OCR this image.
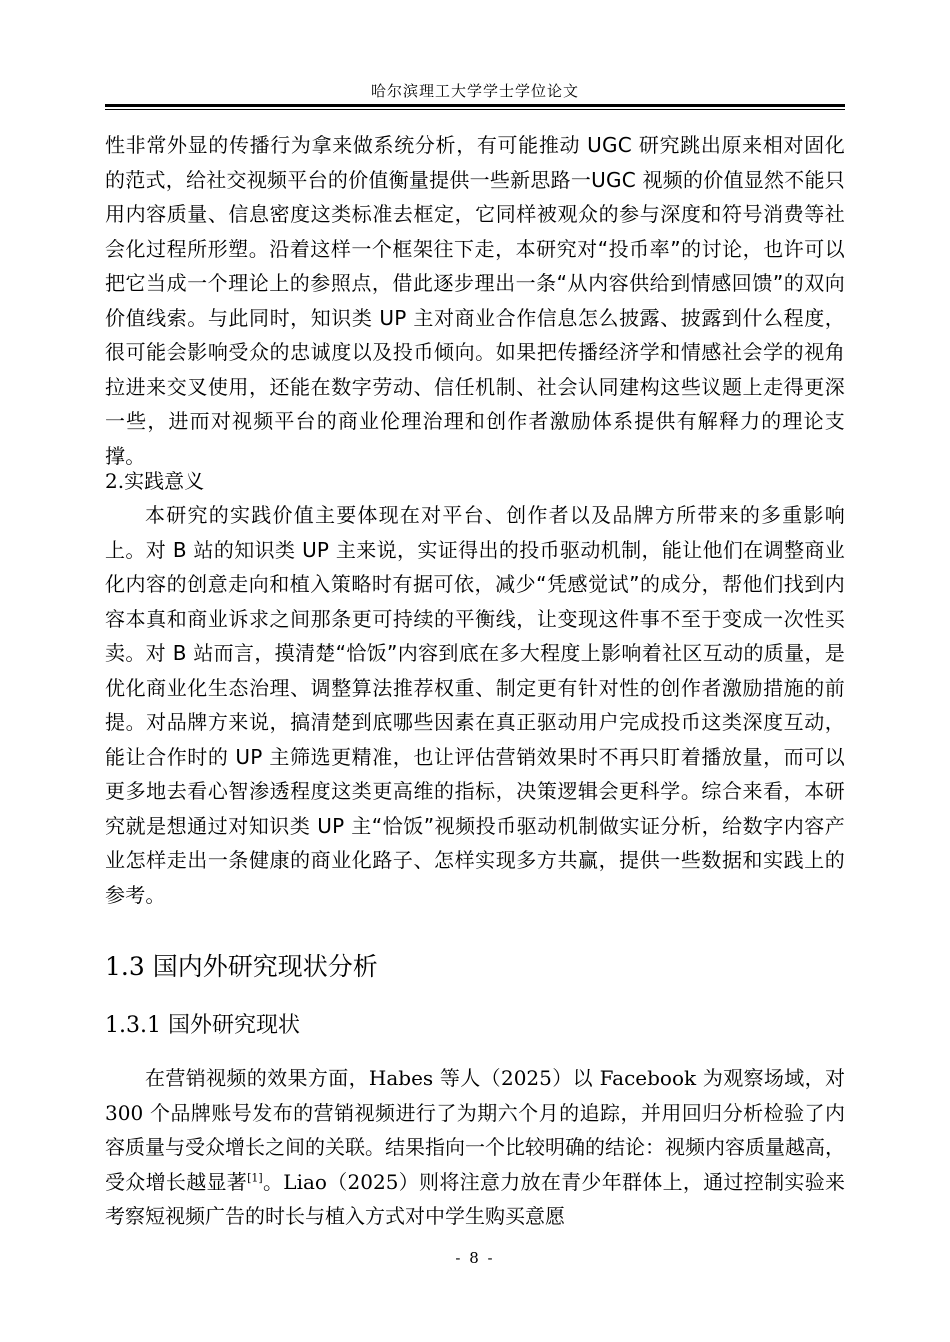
哈尔滨理工大学学士学位论文
性非常外显的传播行为拿来做系统分析，有可能推动 UGC 研究跳出原来相对固化的范式，给社交视频平台的价值衡量提供一些新思路一UGC 视频的价值显然不能只用内容质量、信息密度这类标准去框定，它同样被观众的参与深度和符号消费等社会化过程所形塑。沿着这样一个框架往下走，本研究对“投币率”的讨论，也许可以把它当成一个理论上的参照点，借此逐步理出一条“从内容供给到情感回馈”的双向价值线索。与此同时，知识类 UP 主对商业合作信息怎么披露、披露到什么程度，很可能会影响受众的忠诚度以及投币倾向。如果把传播经济学和情感社会学的视角拉进来交叉使用，还能在数字劳动、信任机制、社会认同建构这些议题上走得更深一些，进而对视频平台的商业伦理治理和创作者激励体系提供有解释力的理论支撑。
2.实践意义
本研究的实践价值主要体现在对平台、创作者以及品牌方所带来的多重影响上。对 B 站的知识类 UP 主来说，实证得出的投币驱动机制，能让他们在调整商业化内容的创意走向和植入策略时有据可依，减少“凭感觉试”的成分，帮他们找到内容本真和商业诉求之间那条更可持续的平衡线，让变现这件事不至于变成一次性买卖。对 B 站而言，摸清楚“恰饭”内容到底在多大程度上影响着社区互动的质量，是优化商业化生态治理、调整算法推荐权重、制定更有针对性的创作者激励措施的前提。对品牌方来说，搞清楚到底哪些因素在真正驱动用户完成投币这类深度互动，能让合作时的 UP 主筛选更精准，也让评估营销效果时不再只盯着播放量，而可以更多地去看心智渗透程度这类更高维的指标，决策逻辑会更科学。综合来看，本研究就是想通过对知识类 UP 主“恰饭”视频投币驱动机制做实证分析，给数字内容产业怎样走出一条健康的商业化路子、怎样实现多方共赢，提供一些数据和实践上的参考。
1.3 国内外研究现状分析
1.3.1 国外研究现状
在营销视频的效果方面，Habes 等人（2025）以 Facebook 为观察场域，对 300 个品牌账号发布的营销视频进行了为期六个月的追踪，并用回归分析检验了内容质量与受众增长之间的关联。结果指向一个比较明确的结论：视频内容质量越高，受众增长越显著[1]。Liao（2025）则将注意力放在青少年群体上，通过控制实验来考察短视频广告的时长与植入方式对中学生购买意愿
- 8 -
